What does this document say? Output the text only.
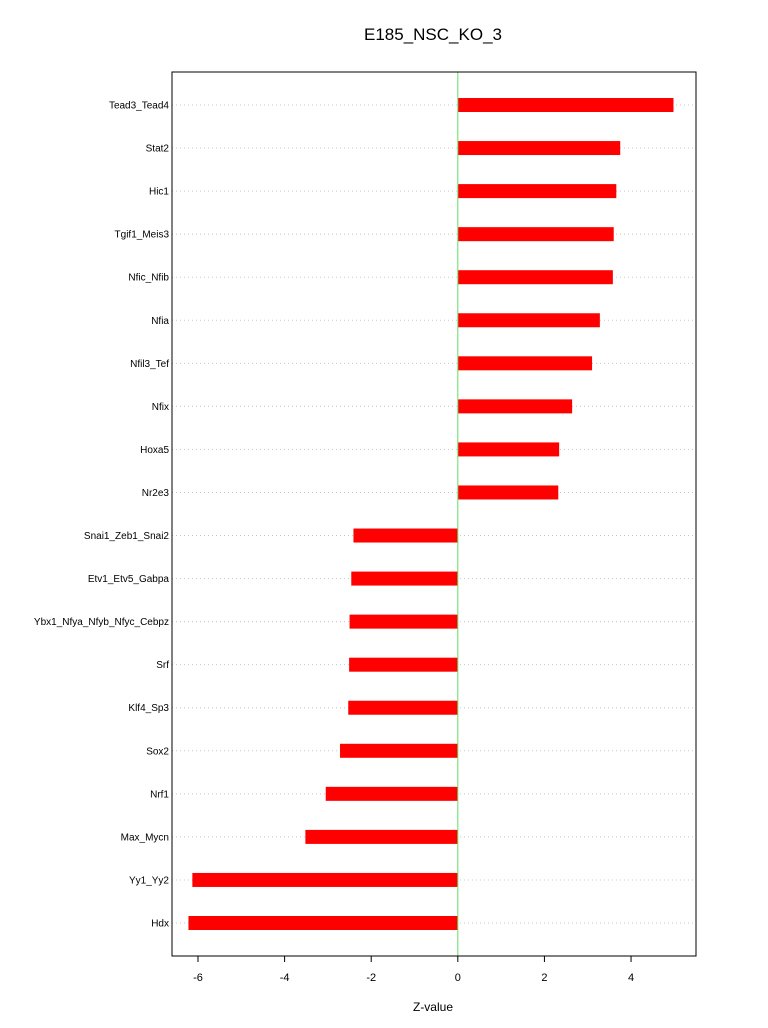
E185_NSC_KO_3
Tead3_Tead4
Stat2
Hic1
Tgif1_Meis3
Nfic_Nfib
Nfia
Nfil3_Tef
Nfix
Hoxa5
Nr2e3
Snai1_Zeb1_Snai2
Etv1_Etv5_Gabpa
Ybx1_Nfya_Nfyb_Nfyc_Cebpz
Srf
Klf4_Sp3
Sox2
Nrf1
Max_Mycn
Yy1_Yy2
Hdx
-6	-4	-2	0	2	4
Z-value
